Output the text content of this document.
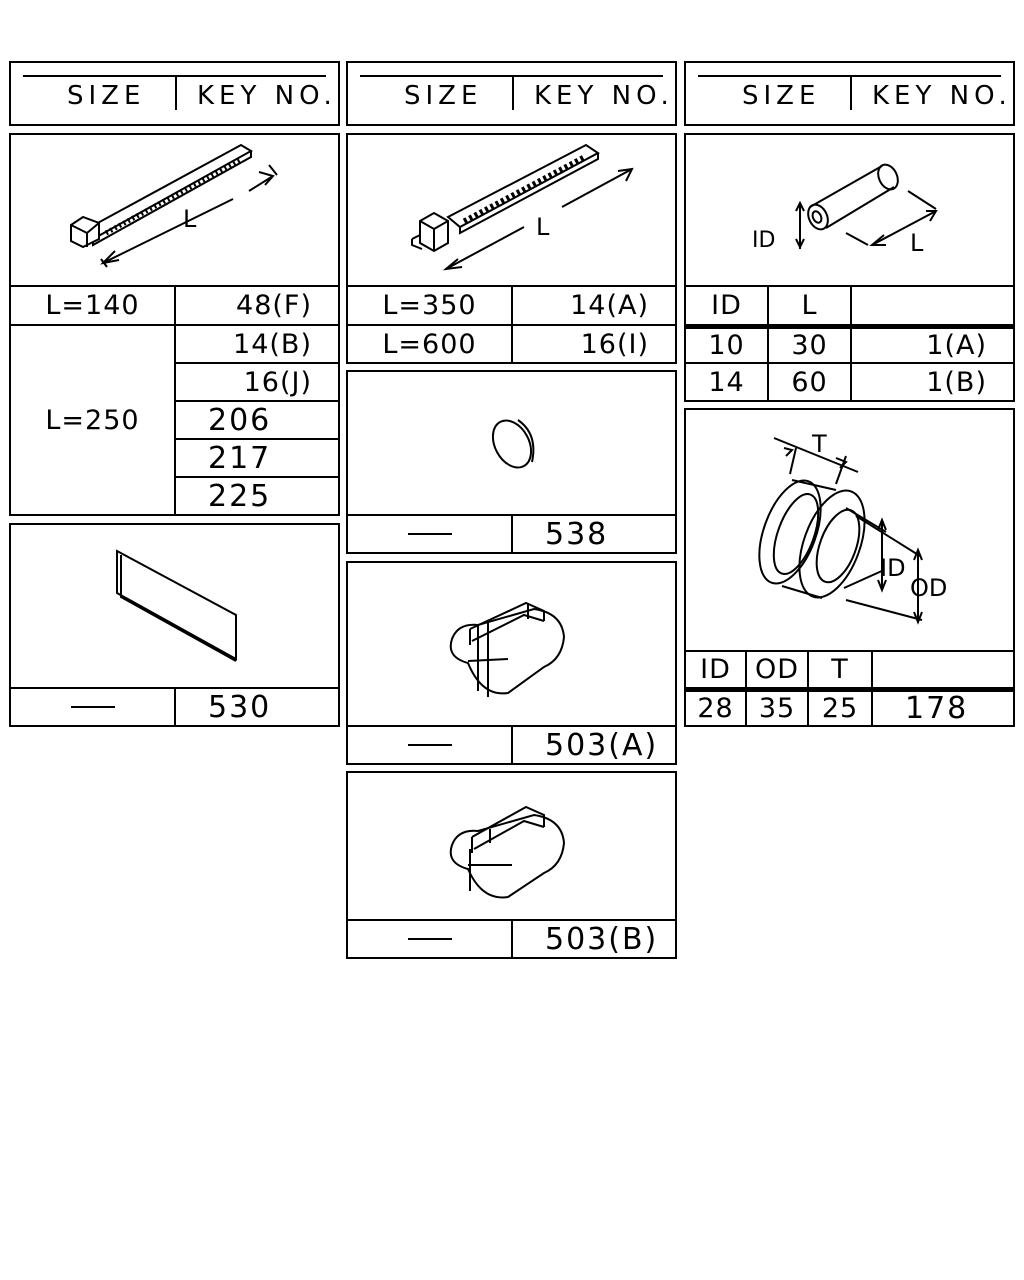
SIZE KEY NO.	SIZE KEY NO.	SIZE KEY NO.
L
L=140	48(F)
L=250
14(B)
16(J)
206
217
225
530
L
L=350	14(A)
L=600	16(I)
538
503(A)
503(B)
ID	L
ID	L
10	30	1(A)
14	60	1(B)
T
ID
OD
ID OD	T
28 35 25	178
